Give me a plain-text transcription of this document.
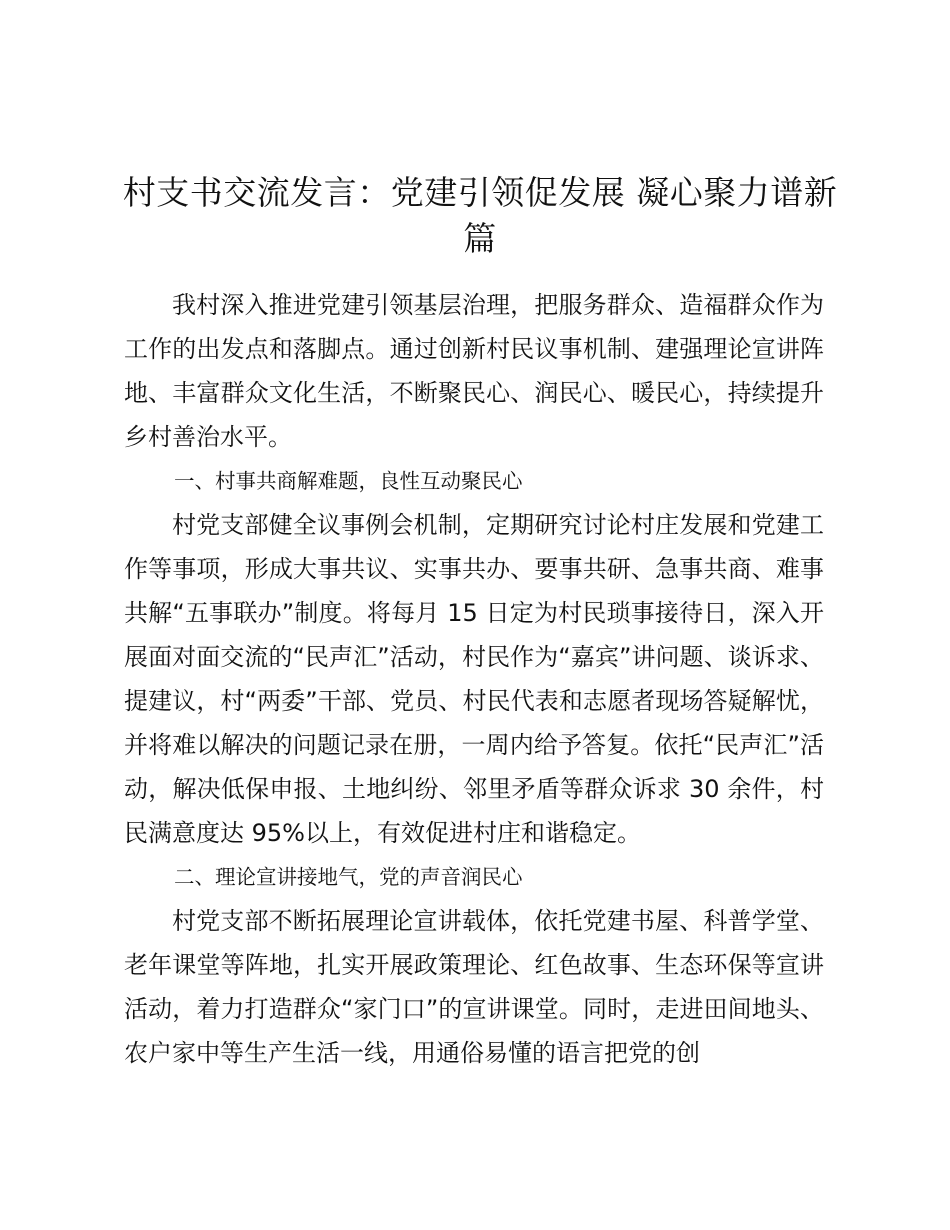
村支书交流发言：党建引领促发展 凝心聚力谱新篇

我村深入推进党建引领基层治理，把服务群众、造福群众作为工作的出发点和落脚点。通过创新村民议事机制、建强理论宣讲阵地、丰富群众文化生活，不断聚民心、润民心、暖民心，持续提升乡村善治水平。

一、村事共商解难题，良性互动聚民心

村党支部健全议事例会机制，定期研究讨论村庄发展和党建工作等事项，形成大事共议、实事共办、要事共研、急事共商、难事共解“五事联办”制度。将每月 15 日定为村民琐事接待日，深入开展面对面交流的“民声汇”活动，村民作为“嘉宾”讲问题、谈诉求、提建议，村“两委”干部、党员、村民代表和志愿者现场答疑解忧，并将难以解决的问题记录在册，一周内给予答复。依托“民声汇”活动，解决低保申报、土地纠纷、邻里矛盾等群众诉求 30 余件，村民满意度达 95%以上，有效促进村庄和谐稳定。

二、理论宣讲接地气，党的声音润民心

村党支部不断拓展理论宣讲载体，依托党建书屋、科普学堂、老年课堂等阵地，扎实开展政策理论、红色故事、生态环保等宣讲活动，着力打造群众“家门口”的宣讲课堂。同时，走进田间地头、农户家中等生产生活一线，用通俗易懂的语言把党的创
